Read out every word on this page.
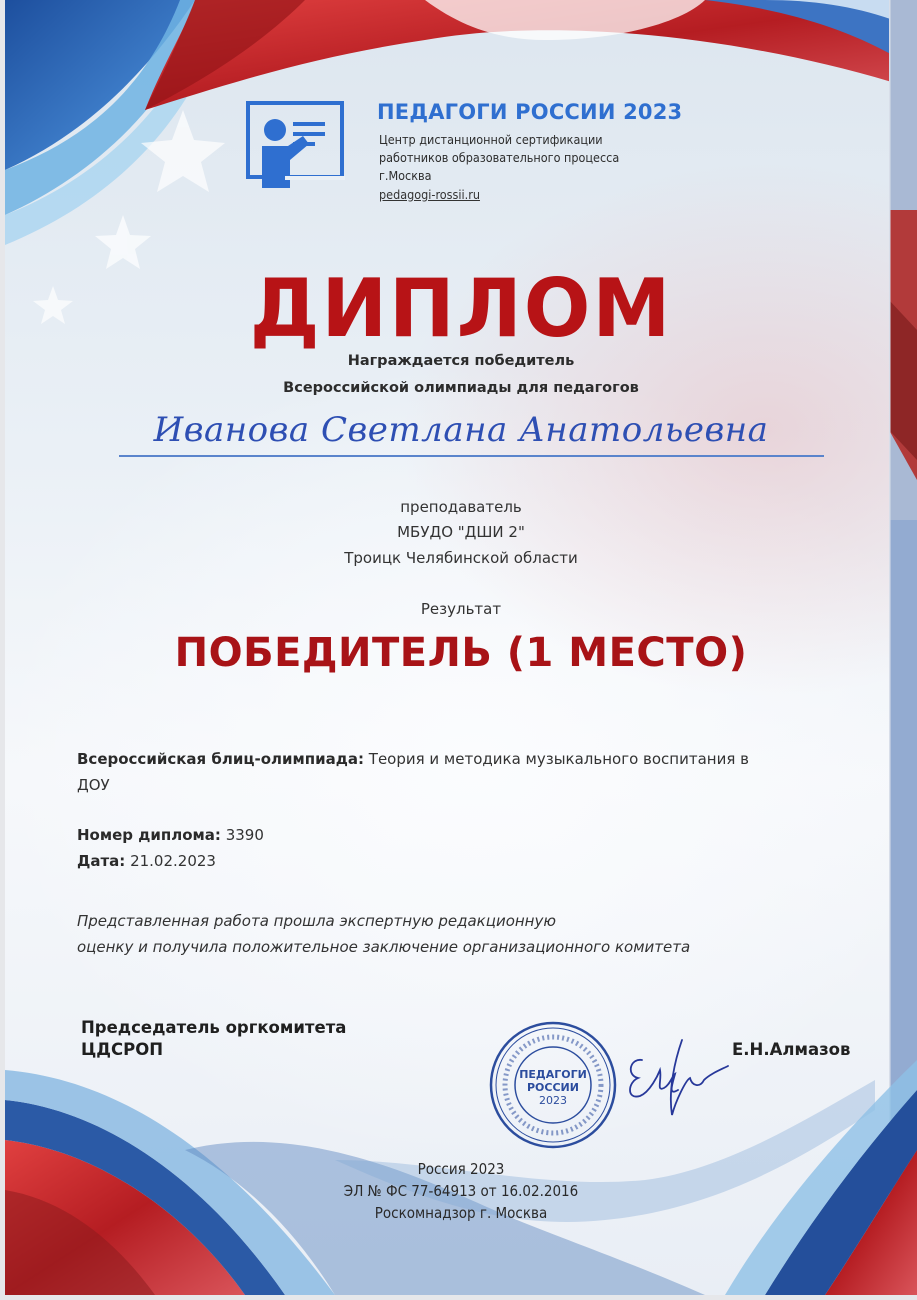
ПЕДАГОГИ РОССИИ 2023
Центр дистанционной сертификации
работников образовательного процесса
г.Москва
pedagogi-rossii.ru
ДИПЛОМ
Награждается победитель
Всероссийской олимпиады для педагогов
Иванова Светлана Анатольевна
преподаватель
МБУДО "ДШИ 2"
Троицк Челябинской области
Результат
ПОБЕДИТЕЛЬ (1 МЕСТО)
Всероссийская блиц-олимпиада: Теория и методика музыкального воспитания в
ДОУ
Номер диплома: 3390
Дата: 21.02.2023
Представленная работа прошла экспертную редакционную
оценку и получила положительное заключение организационного комитета
Председатель оргкомитета
ЦДСРОП
ПЕДАГОГИ
РОССИИ
2023
Е.Н.Алмазов
Россия 2023
ЭЛ № ФС 77-64913 от 16.02.2016
Роскомнадзор г. Москва
